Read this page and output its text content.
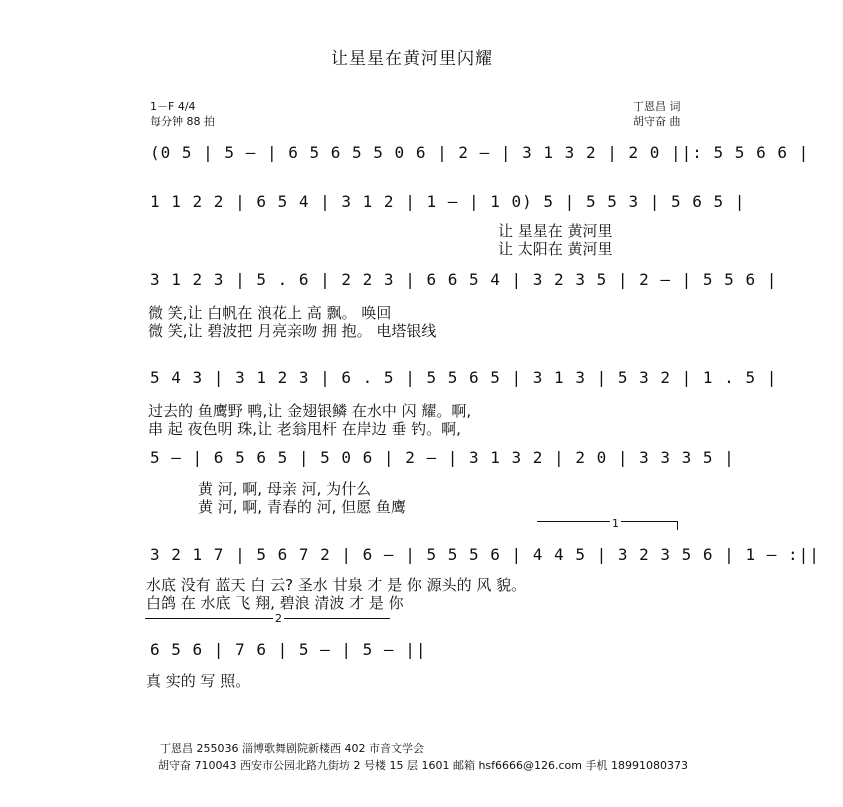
让星星在黄河里闪耀
1－F 4/4
每分钟 88 拍
丁恩昌 词
胡守奋 曲
(0 5 | 5 — | 6 5 6 5 5 0 6 | 2 — | 3 1 3 2 | 2 0 ||: 5 5 6 6 |
1 1 2 2 | 6 5 4 | 3 1 2 | 1 — | 1 0) 5 | 5 5 3 | 5 6 5 |
让 星星在 黄河里
让 太阳在 黄河里
3 1 2 3 | 5 . 6 | 2 2 3 | 6 6 5 4 | 3 2 3 5 | 2 — | 5 5 6 |
微 笑,让 白帆在 浪花上 高 飘。 唤回
微 笑,让 碧波把 月亮亲吻 拥 抱。 电塔银线
5 4 3 | 3 1 2 3 | 6 . 5 | 5 5 6 5 | 3 1 3 | 5 3 2 | 1 . 5 |
过去的 鱼鹰野 鸭,让 金翅银鳞 在水中 闪 耀。啊,
串 起 夜色明 珠,让 老翁甩杆 在岸边 垂 钓。啊,
5 — | 6 5 6 5 | 5 0 6 | 2 — | 3 1 3 2 | 2 0 | 3 3 3 5 |
黄 河, 啊, 母亲 河, 为什么
黄 河, 啊, 青春的 河, 但愿 鱼鹰
1
3 2 1 7 | 5 6 7 2 | 6 — | 5 5 5 6 | 4 4 5 | 3 2 3 5 6 | 1 — :||
水底 没有 蓝天 白 云? 圣水 甘泉 才 是 你 源头的 风 貌。
白鸽 在 水底 飞 翔, 碧浪 清波 才 是 你
2
6 5 6 | 7 6 | 5 — | 5 — ||
真 实的 写 照。
丁恩昌 255036 淄博歌舞剧院新楼西 402 市音文学会
胡守奋 710043 西安市公园北路九街坊 2 号楼 15 层 1601 邮箱 hsf6666@126.com 手机 18991080373
